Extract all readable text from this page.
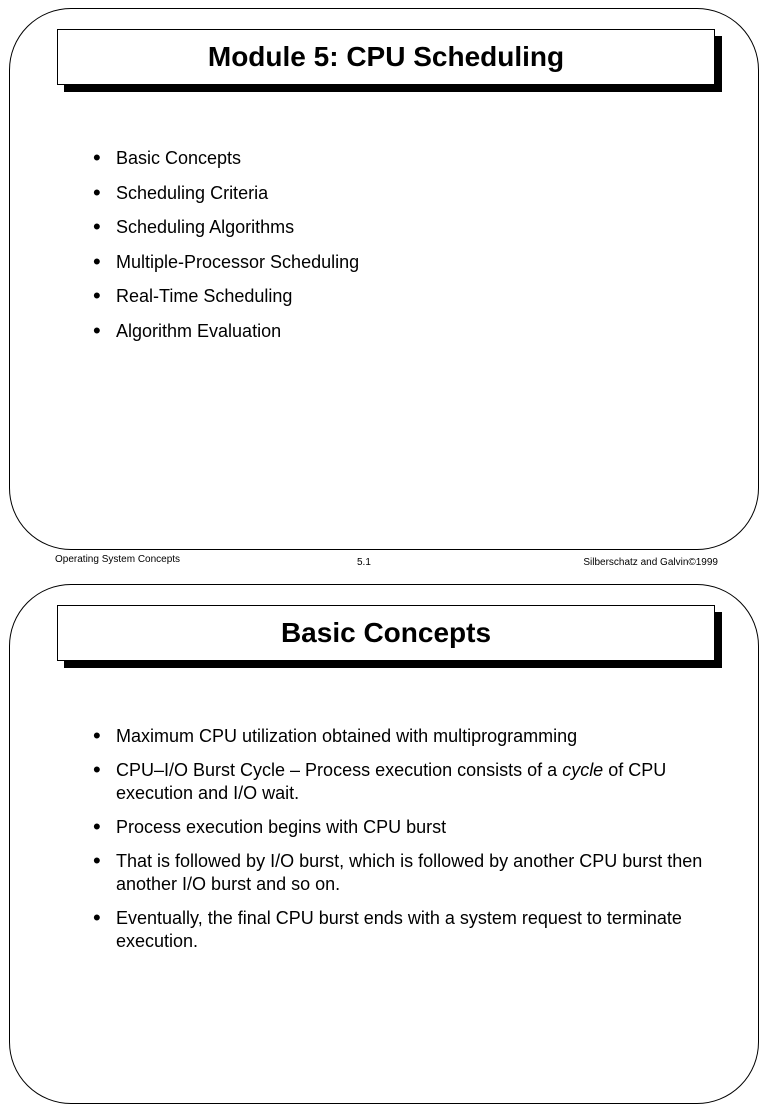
Module 5: CPU Scheduling
• Basic Concepts
• Scheduling Criteria
• Scheduling Algorithms
• Multiple-Processor Scheduling
• Real-Time Scheduling
• Algorithm Evaluation
Operating System Concepts	5.1	Silberschatz and Galvin©1999
Basic Concepts
• Maximum CPU utilization obtained with multiprogramming
• CPU–I/O Burst Cycle – Process execution consists of a cycle of CPU execution and I/O wait.
• Process execution begins with CPU burst
• That is followed by I/O burst, which is followed by another CPU burst then another I/O burst and so on.
• Eventually, the final CPU burst ends with a system request to terminate execution.
